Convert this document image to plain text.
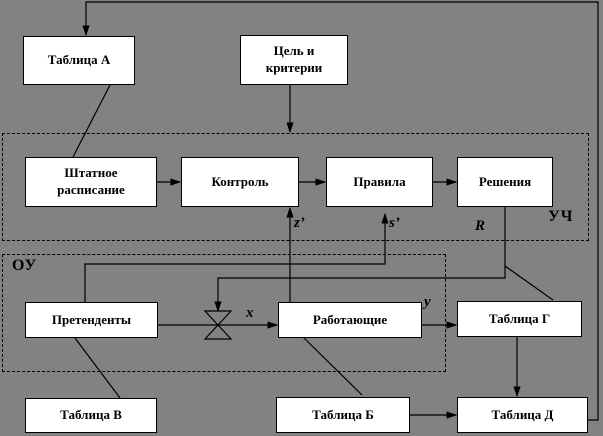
Таблица А
Цель и критерии
Штатное расписание
Контроль	Правила	Решения
Претенденты	Работающие	Таблица Г
Таблица В	Таблица Б	Таблица Д
УЧ
ОУ
z’	s’	R
x
y
